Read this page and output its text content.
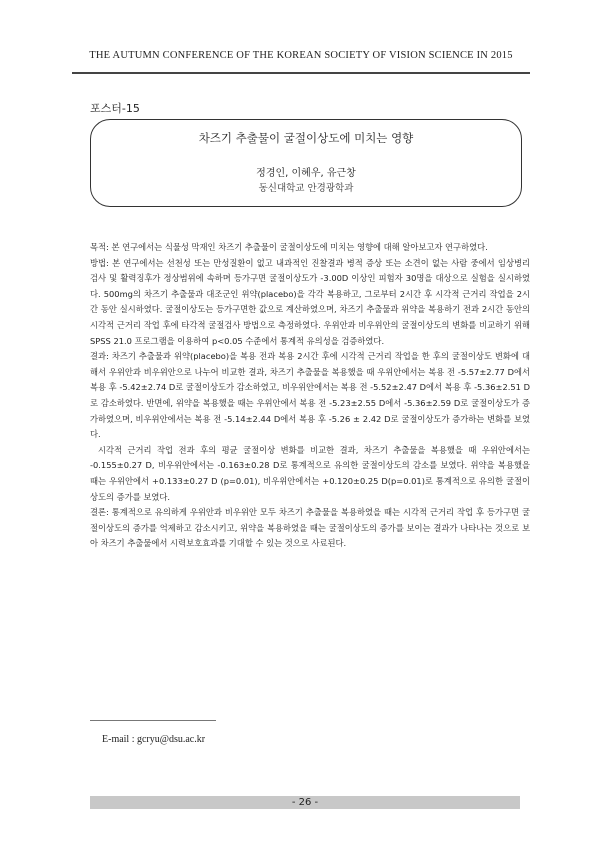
THE AUTUMN CONFERENCE OF THE KOREAN SOCIETY OF VISION SCIENCE IN 2015
포스터-15
차즈기 추출물이 굴절이상도에 미치는 영향
정경인, 이혜우, 유근창
동신대학교 안경광학과

목적: 본 연구에서는 식물성 막재인 차즈기 추출물이 굴절이상도에 미치는 영향에 대해 알아보고자 연구하였다.

방법: 본 연구에서는 선천성 또는 만성질환이 없고 내과적인 진찰결과 병적 증상 또는 소견이 없는 사람 중에서 임상병리 검사 및 활력징후가 정상범위에 속하며 등가구면 굴절이상도가 -3.00D 이상인 피험자 30명을 대상으로 실험을 실시하였다. 500mg의 차즈기 추출물과 대조군인 위약(placebo)을 각각 복용하고, 그로부터 2시간 후 시각적 근거리 작업을 2시간 동안 실시하였다. 굴절이상도는 등가구면한 값으로 계산하였으며, 차즈기 추출물과 위약을 복용하기 전과 2시간 동안의 시각적 근거리 작업 후에 타각적 굴절검사 방법으로 측정하였다. 우위안과 비우위안의 굴절이상도의 변화를 비교하기 위해 SPSS 21.0 프로그램을 이용하여 p<0.05 수준에서 통계적 유의성을 검증하였다.

결과: 차즈기 추출물과 위약(placebo)을 복용 전과 복용 2시간 후에 시각적 근거리 작업을 한 후의 굴절이상도 변화에 대해서 우위안과 비우위안으로 나누어 비교한 결과, 차즈기 추출물을 복용했을 때 우위안에서는 복용 전 -5.57±2.77 D에서 복용 후 -5.42±2.74 D로 굴절이상도가 감소하였고, 비우위안에서는 복용 전 -5.52±2.47 D에서 복용 후 -5.36±2.51 D로 감소하였다. 반면에, 위약을 복용했을 때는 우위안에서 복용 전 -5.23±2.55 D에서 -5.36±2.59 D로 굴절이상도가 증가하였으며, 비우위안에서는 복용 전 -5.14±2.44 D에서 복용 후 -5.26 ± 2.42 D로 굴절이상도가 증가하는 변화를 보였다.

시각적 근거리 작업 전과 후의 평균 굴절이상 변화를 비교한 결과, 차즈기 추출물을 복용했을 때 우위안에서는 -0.155±0.27 D, 비우위안에서는 -0.163±0.28 D로 통계적으로 유의한 굴절이상도의 감소를 보였다. 위약을 복용했을 때는 우위안에서 +0.133±0.27 D (p=0.01), 비우위안에서는 +0.120±0.25 D(p=0.01)로 통계적으로 유의한 굴절이상도의 증가를 보였다.

결론: 통계적으로 유의하게 우위안과 비우위안 모두 차즈기 추출물을 복용하였을 때는 시각적 근거리 작업 후 등가구면 굴절이상도의 증가를 억제하고 감소시키고, 위약을 복용하였을 때는 굴절이상도의 증가를 보이는 결과가 나타나는 것으로 보아 차즈기 추출물에서 시력보호효과를 기대할 수 있는 것으로 사료된다.

E-mail : gcryu@dsu.ac.kr
- 26 -
